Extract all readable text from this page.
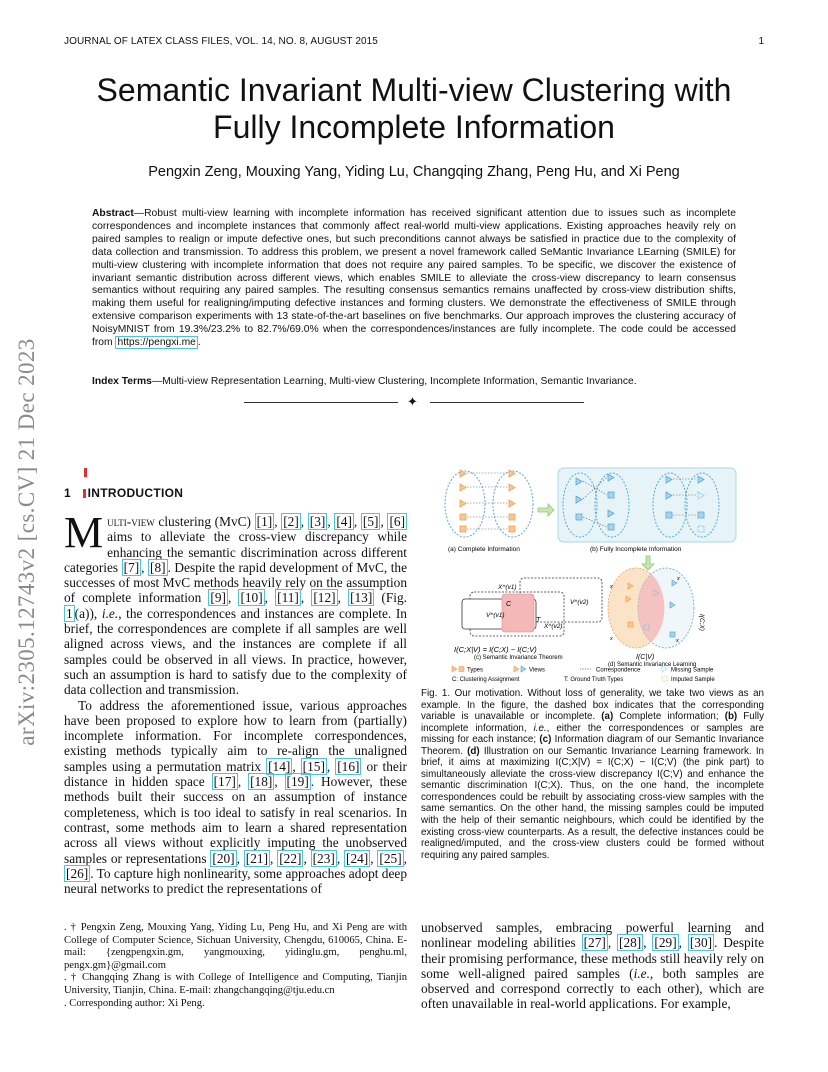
JOURNAL OF LATEX CLASS FILES, VOL. 14, NO. 8, AUGUST 2015	1
arXiv:2305.12743v2 [cs.CV] 21 Dec 2023
Semantic Invariant Multi-view Clustering with
Fully Incomplete Information
Pengxin Zeng, Mouxing Yang, Yiding Lu, Changqing Zhang, Peng Hu, and Xi Peng
Abstract—Robust multi-view learning with incomplete information has received significant attention due to issues such as incomplete correspondences and incomplete instances that commonly affect real-world multi-view applications. Existing approaches heavily rely on paired samples to realign or impute defective ones, but such preconditions cannot always be satisfied in practice due to the complexity of data collection and transmission. To address this problem, we present a novel framework called SeMantic Invariance LEarning (SMILE) for multi-view clustering with incomplete information that does not require any paired samples. To be specific, we discover the existence of invariant semantic distribution across different views, which enables SMILE to alleviate the cross-view discrepancy to learn consensus semantics without requiring any paired samples. The resulting consensus semantics remains unaffected by cross-view distribution shifts, making them useful for realigning/imputing defective instances and forming clusters. We demonstrate the effectiveness of SMILE through extensive comparison experiments with 13 state-of-the-art baselines on five benchmarks. Our approach improves the clustering accuracy of NoisyMNIST from 19.3%/23.2% to 82.7%/69.0% when the correspondences/instances are fully incomplete. The code could be accessed from https://pengxi.me .
Index Terms—Multi-view Representation Learning, Multi-view Clustering, Incomplete Information, Semantic Invariance.
✦
1 INTRODUCTION

Multi-view clustering (MvC) [1] , [2] , [3] , [4] , [5] , [6] aims to alleviate the cross-view discrepancy while enhancing the semantic discrimination across different categories [7] , [8] . Despite the rapid development of MvC, the successes of most MvC methods heavily rely on the assumption of complete information [9] , [10] , [11] , [12] , [13] (Fig. 1 (a)), i.e., the correspondences and instances are complete. In brief, the correspondences are complete if all samples are well aligned across views, and the instances are complete if all samples could be observed in all views. In practice, however, such an assumption is hard to satisfy due to the complexity of data collection and transmission.

To address the aforementioned issue, various approaches have been proposed to explore how to learn from (partially) incomplete information. For incomplete correspondences, existing methods typically aim to re-align the unaligned samples using a permutation matrix [14] , [15] , [16] or their distance in hidden space [17] , [18] , [19] . However, these methods built their success on an assumption of instance completeness, which is too ideal to satisfy in real scenarios. In contrast, some methods aim to learn a shared representation across all views without explicitly imputing the unobserved samples or representations [20] , [21] , [22] , [23] , [24] , [25] , [26] . To capture high nonlinearity, some approaches adopt deep neural networks to predict the representations of

. † Pengxin Zeng, Mouxing Yang, Yiding Lu, Peng Hu, and Xi Peng are with College of Computer Science, Sichuan University, Chengdu, 610065, China. E-mail: {zengpengxin.gm, yangmouxing, yidinglu.gm, penghu.ml, pengx.gm}@gmail.com

. † Changqing Zhang is with College of Intelligence and Computing, Tianjin University, Tianjin, China. E-mail: zhangchangqing@tju.edu.cn

. Corresponding author: Xi Peng.

(a) Complete Information	(b) Fully Incomplete Information
V^(v1)
X^(v1)
V^(v2)
X^(v2)
C
T
I(C;X|V) = I(C;X) − I(C;V)
(c) Semantic Invariance Theorem
x
x
x
x
I(C;X)
I(C|V)
(d) Semantic Invariance Learning
Types	Views	Correspondence	Missing Sample
C: Clustering Assignment	T: Ground Truth Types	Imputed Sample
Fig. 1. Our motivation. Without loss of generality, we take two views as an example. In the figure, the dashed box indicates that the corresponding variable is unavailable or incomplete. (a) Complete information; (b) Fully incomplete information, i.e., either the correspondences or samples are missing for each instance; (c) Information diagram of our Semantic Invariance Theorem. (d) Illustration on our Semantic Invariance Learning framework. In brief, it aims at maximizing I(C;X|V) = I(C;X) − I(C;V) (the pink part) to simultaneously alleviate the cross-view discrepancy I(C;V) and enhance the semantic discrimination I(C;X). Thus, on the one hand, the incomplete correspondences could be rebuilt by associating cross-view samples with the same semantics. On the other hand, the missing samples could be imputed with the help of their semantic neighbours, which could be identified by the existing cross-view counterparts. As a result, the defective instances could be realigned/imputed, and the cross-view clusters could be formed without requiring any paired samples.
unobserved samples, embracing powerful learning and nonlinear modeling abilities [27] , [28] , [29] , [30] . Despite their promising performance, these methods still heavily rely on some well-aligned paired samples (i.e., both samples are observed and correspond correctly to each other), which are often unavailable in real-world applications. For example,
